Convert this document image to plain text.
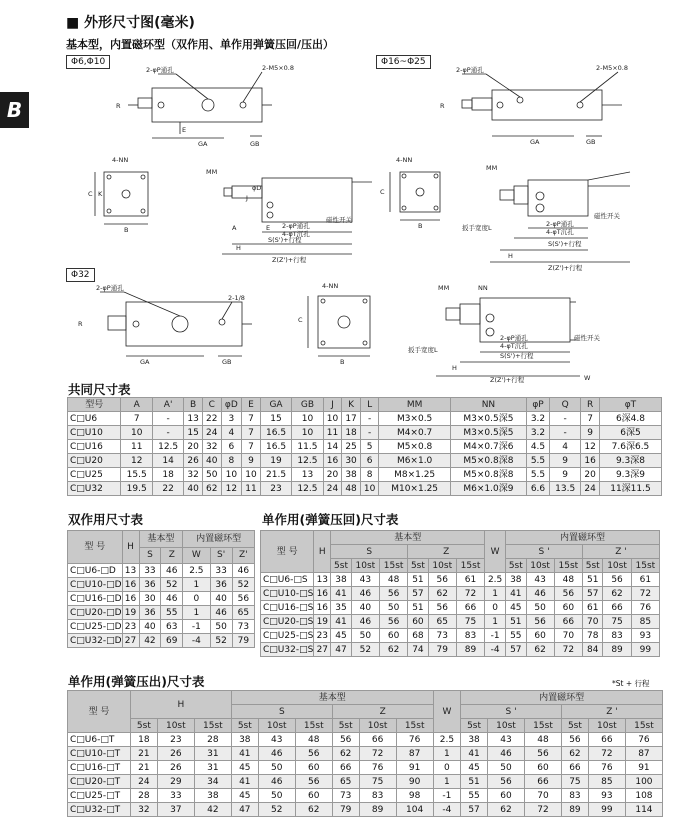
■ 外形尺寸图(毫米)
基本型，内置磁环型（双作用、单作用弹簧压回/压出）
B
Φ6,Φ10	Φ16~Φ25
Φ32
2-φP通孔	2-M5×0.8
GA	GB
E
R
4-NN
C K
B
MM
φD
J
A	E 2-φP通孔
4-φT沉孔
S(S')+行程
H
Z(Z')+行程
磁性开关
2-φP通孔	2-M5×0.8
GA	GB
R
4-NN
C
B
MM
扳手宽度L	2-φP通孔
4-φT沉孔
S(S')+行程
H
Z(Z')+行程
磁性开关
2-φP通孔
2-1/8
GA	GB
R
4-NN
C
B
MM	NN
扳手宽度L
2-φP通孔
4-φT沉孔
S(S')+行程
H
Z(Z')+行程	W
磁性开关
共同尺寸表
型号	A	A'	B	C	φD	E	GA	GB	J	K	L	MM	NN	φP	Q	R	φT
C□U6	7	-	13	22	3	7	15	10	10	17	-	M3×0.5	M3×0.5深5	3.2	-	7	6深4.8
C□U10	10	-	15	24	4	7	16.5	10	11	18	-	M4×0.7	M3×0.5深5	3.2	-	9	6深5
C□U16	11	12.5	20	32	6	7	16.5	11.5	14	25	5	M5×0.8	M4×0.7深6	4.5	4	12	7.6深6.5
C□U20	12	14	26	40	8	9	19	12.5	16	30	6	M6×1.0	M5×0.8深8	5.5	9	16	9.3深8
C□U25	15.5	18	32	50	10	10	21.5	13	20	38	8	M8×1.25	M5×0.8深8	5.5	9	20	9.3深9
C□U32	19.5	22	40	62	12	11	23	12.5	24	48	10	M10×1.25	M6×1.0深9	6.6	13.5	24	11深11.5
双作用尺寸表
型 号	H	基本型		内置磁环型		
		S	Z	W	S'	Z'
C□U6-□D	13	33	46	2.5	33	46
C□U10-□D	16	36	52	1	36	52
C□U16-□D	16	30	46	0	40	56
C□U20-□D	19	36	55	1	46	65
C□U25-□D	23	40	63	-1	50	73
C□U32-□D	27	42	69	-4	52	79
单作用(弹簧压回)尺寸表
型 号	H	基本型						W	内置磁环型					
		S			Z				S '			Z '		
		5st	10st	15st	5st	10st	15st		5st	10st	15st	5st	10st	15st
C□U6-□S	13	38	43	48	51	56	61	2.5	38	43	48	51	56	61
C□U10-□S	16	41	46	56	57	62	72	1	41	46	56	57	62	72
C□U16-□S	16	35	40	50	51	56	66	0	45	50	60	61	66	76
C□U20-□S	19	41	46	56	60	65	75	1	51	56	66	70	75	85
C□U25-□S	23	45	50	60	68	73	83	-1	55	60	70	78	83	93
C□U32-□S	27	47	52	62	74	79	89	-4	57	62	72	84	89	99
单作用(弹簧压出)尺寸表	*St + 行程
型 号	H			基本型						W	内置磁环型					
				S			Z				S '			Z '		
	5st	10st	15st	5st	10st	15st	5st	10st	15st		5st	10st	15st	5st	10st	15st
C□U6-□T	18	23	28	38	43	48	56	66	76	2.5	38	43	48	56	66	76
C□U10-□T	21	26	31	41	46	56	62	72	87	1	41	46	56	62	72	87
C□U16-□T	21	26	31	45	50	60	66	76	91	0	45	50	60	66	76	91
C□U20-□T	24	29	34	41	46	56	65	75	90	1	51	56	66	75	85	100
C□U25-□T	28	33	38	45	50	60	73	83	98	-1	55	60	70	83	93	108
C□U32-□T	32	37	42	47	52	62	79	89	104	-4	57	62	72	89	99	114
